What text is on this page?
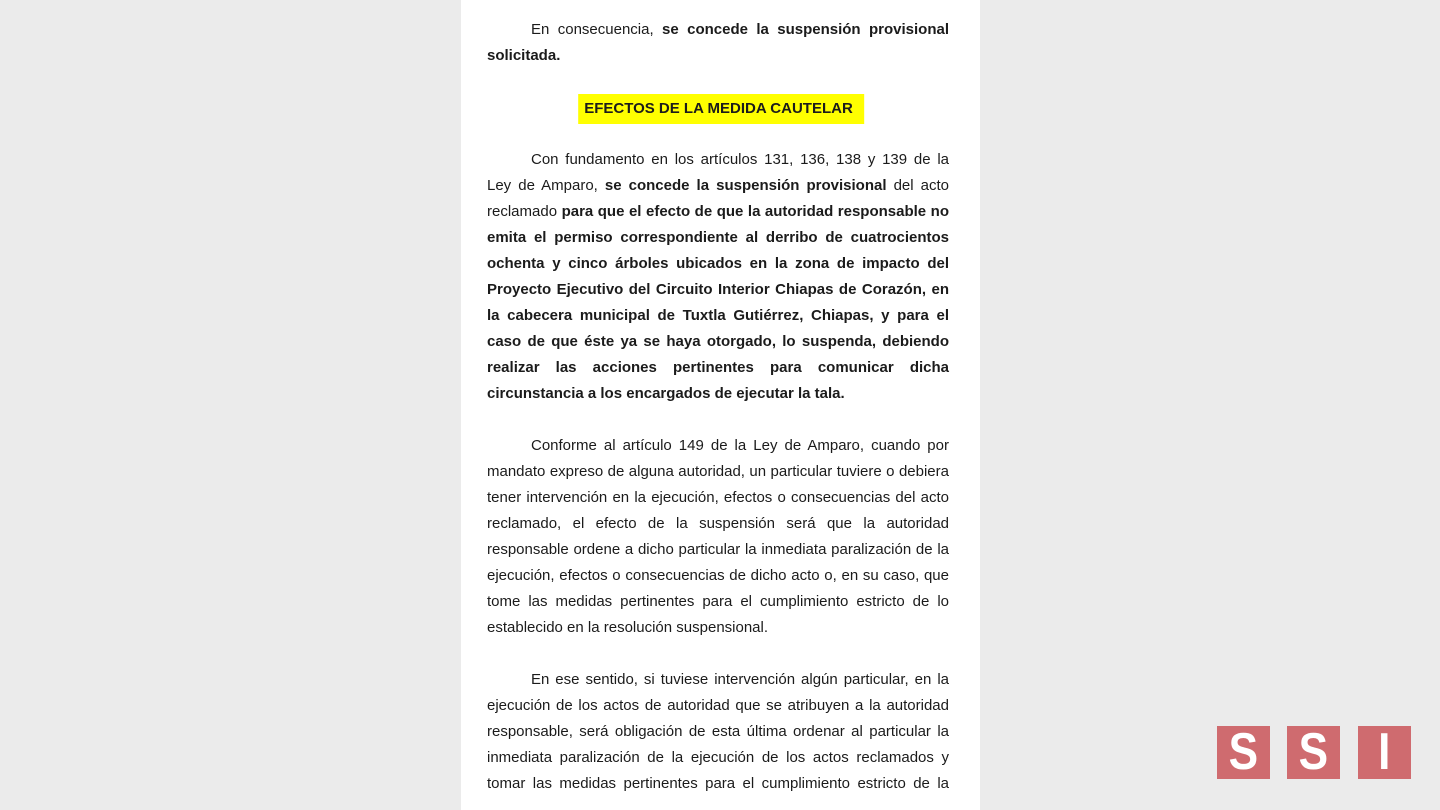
En consecuencia, se concede la suspensión provisional
solicitada.
EFECTOS DE LA MEDIDA CAUTELAR
Con fundamento en los artículos 131, 136, 138 y 139 de la
Ley de Amparo, se concede la suspensión provisional del acto
reclamado para que el efecto de que la autoridad responsable no
emita el permiso correspondiente al derribo de cuatrocientos
ochenta y cinco árboles ubicados en la zona de impacto del
Proyecto Ejecutivo del Circuito Interior Chiapas de Corazón, en
la cabecera municipal de Tuxtla Gutiérrez, Chiapas, y para el
caso de que éste ya se haya otorgado, lo suspenda, debiendo
realizar las acciones pertinentes para comunicar dicha
circunstancia a los encargados de ejecutar la tala.
Conforme al artículo 149 de la Ley de Amparo, cuando por
mandato expreso de alguna autoridad, un particular tuviere o debiera
tener intervención en la ejecución, efectos o consecuencias del acto
reclamado, el efecto de la suspensión será que la autoridad
responsable ordene a dicho particular la inmediata paralización de la
ejecución, efectos o consecuencias de dicho acto o, en su caso, que
tome las medidas pertinentes para el cumplimiento estricto de lo
establecido en la resolución suspensional.
En ese sentido, si tuviese intervención algún particular, en la
ejecución de los actos de autoridad que se atribuyen a la autoridad
responsable, será obligación de esta última ordenar al particular la
inmediata paralización de la ejecución de los actos reclamados y
tomar las medidas pertinentes para el cumplimiento estricto de la
S S I
